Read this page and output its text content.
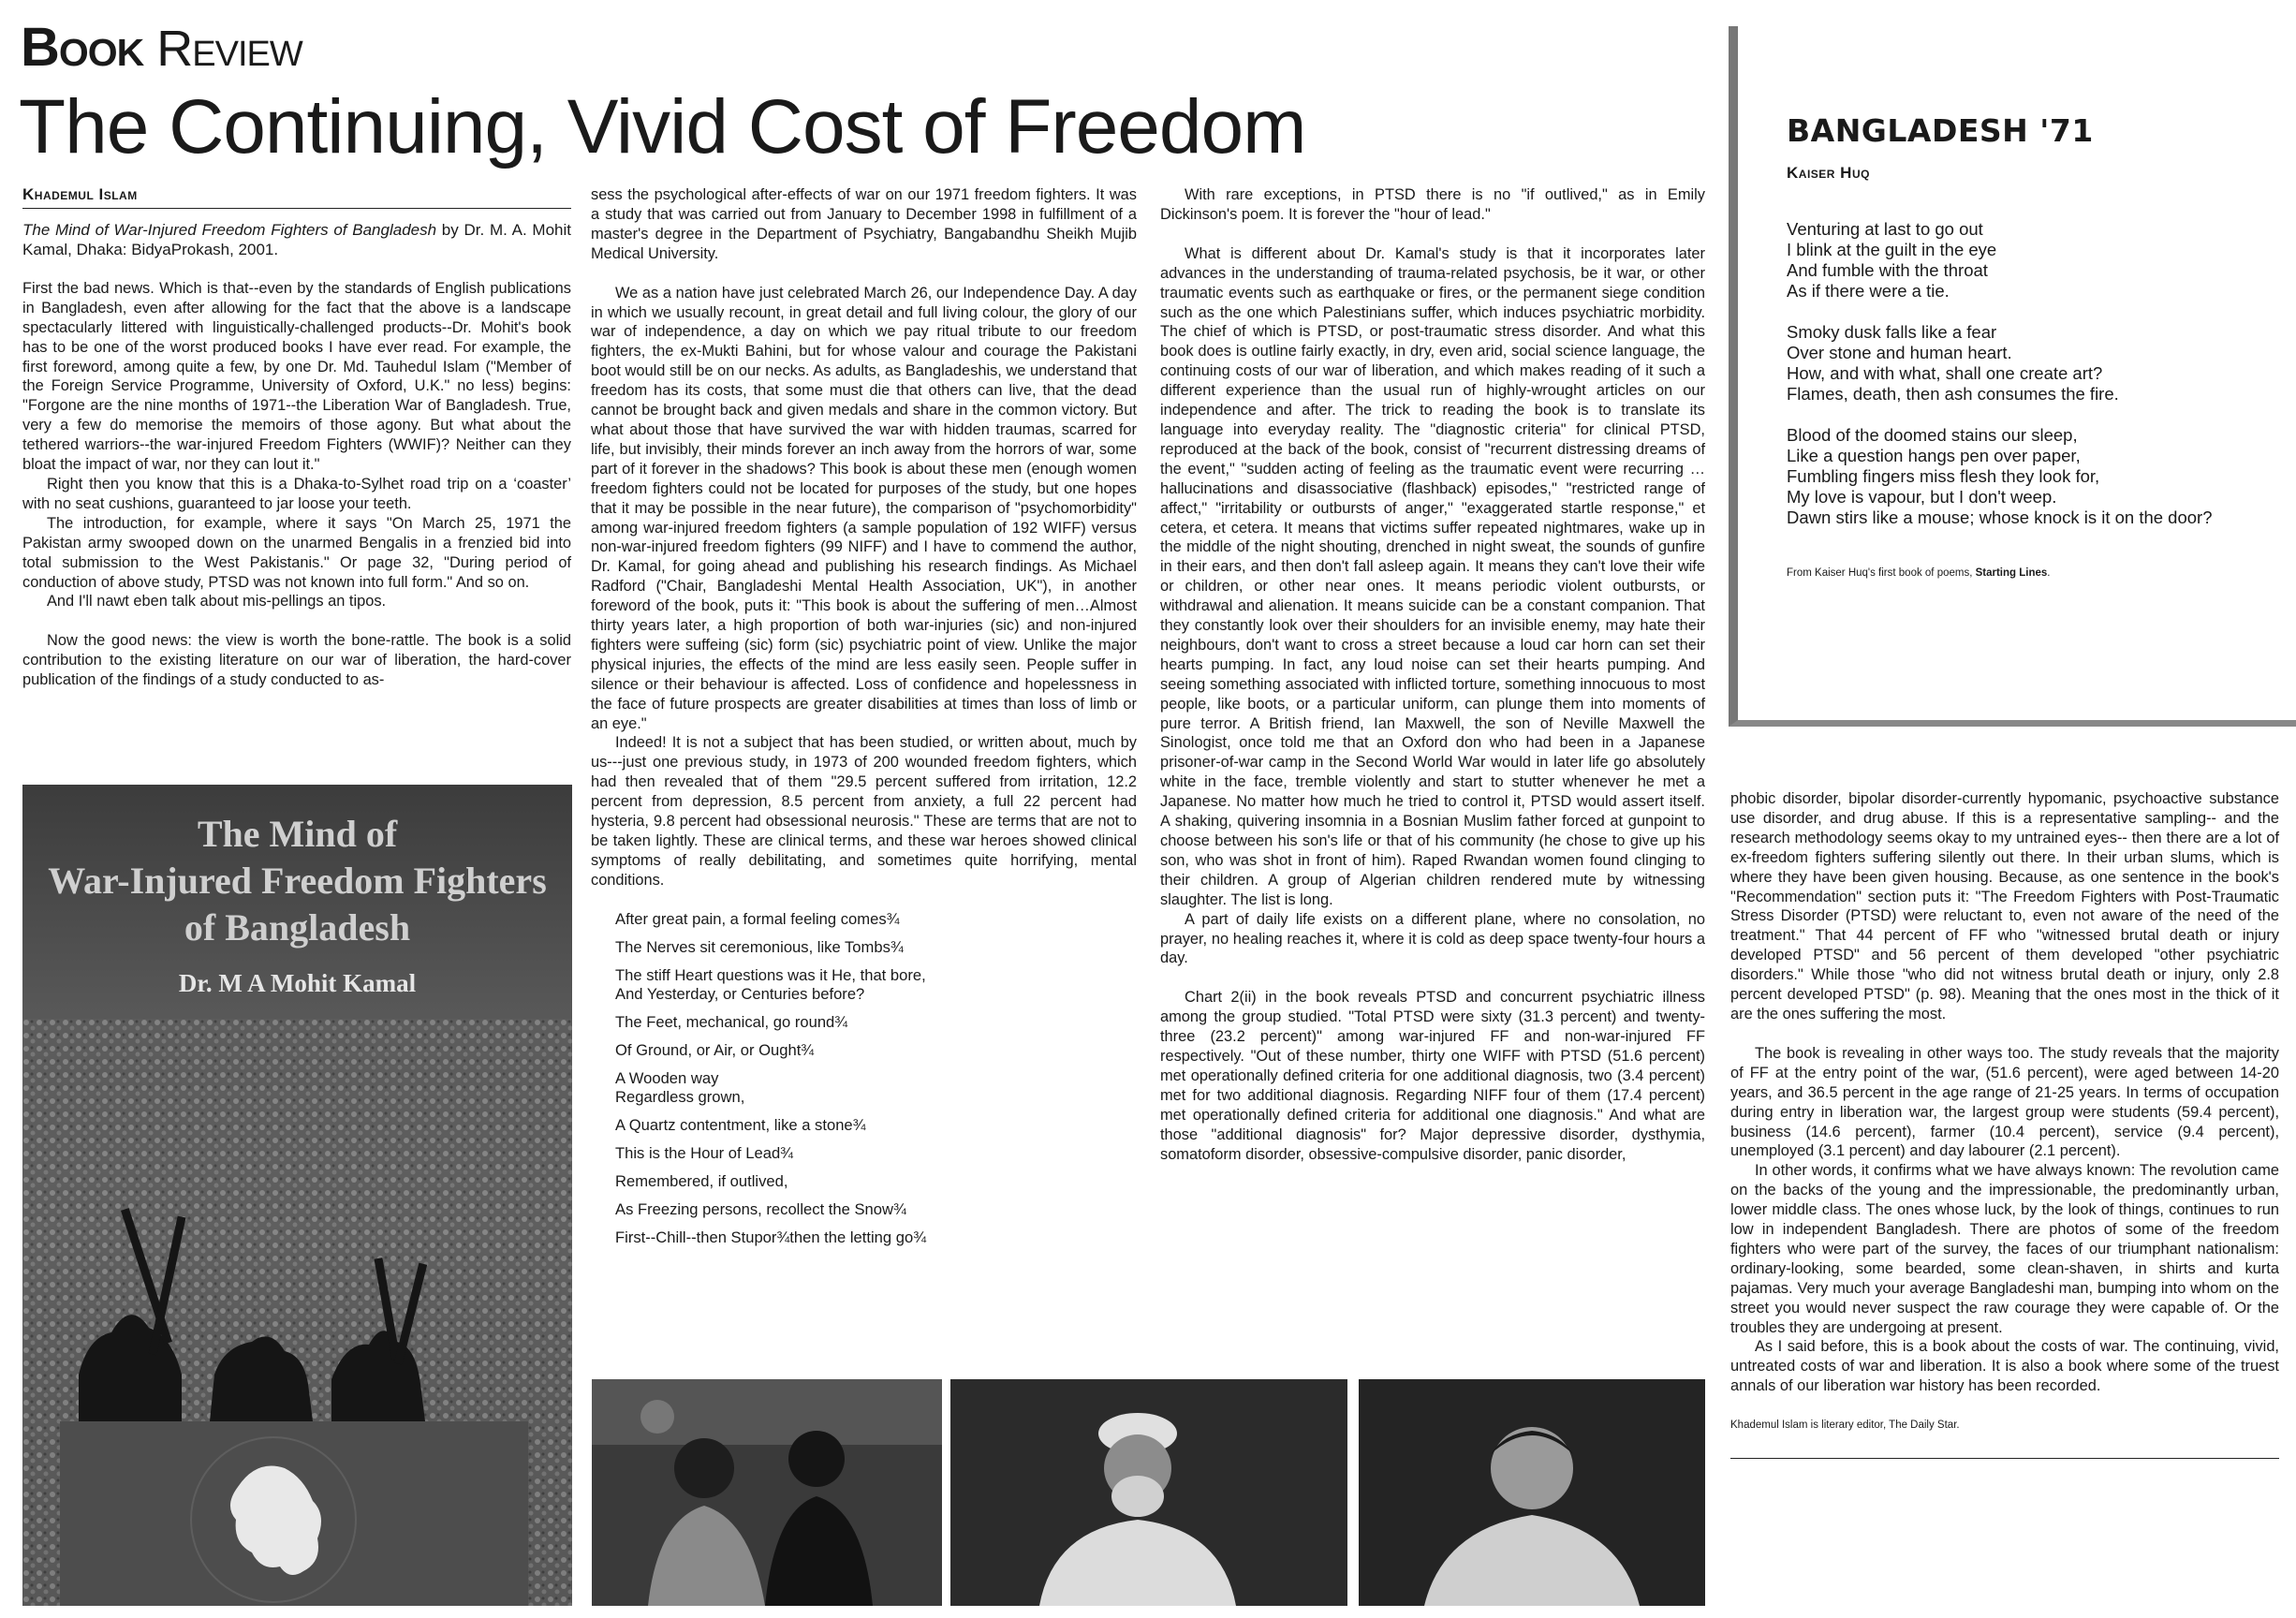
Book Review
The Continuing, Vivid Cost of Freedom
Khademul Islam

The Mind of War-Injured Freedom Fighters of Bangladesh by Dr. M. A. Mohit Kamal, Dhaka: BidyaProkash, 2001.

First the bad news. Which is that--even by the standards of English publications in Bangladesh, even after allowing for the fact that the above is a landscape spectacularly littered with linguistically-challenged products--Dr. Mohit's book has to be one of the worst produced books I have ever read. For example, the first foreword, among quite a few, by one Dr. Md. Tauhedul Islam ("Member of the Foreign Service Programme, University of Oxford, U.K." no less) begins: "Forgone are the nine months of 1971--the Liberation War of Bangladesh. True, very a few do memorise the memoirs of those agony. But what about the tethered warriors--the war-injured Freedom Fighters (WWIF)? Neither can they bloat the impact of war, nor they can lout it."

Right then you know that this is a Dhaka-to-Sylhet road trip on a ‘coaster’ with no seat cushions, guaranteed to jar loose your teeth.

The introduction, for example, where it says "On March 25, 1971 the Pakistan army swooped down on the unarmed Bengalis in a frenzied bid into total submission to the West Pakistanis." Or page 32, "During period of conduction of above study, PTSD was not known into full form." And so on.

And I'll nawt eben talk about mis-pellings an tipos.

Now the good news: the view is worth the bone-rattle. The book is a solid contribution to the existing literature on our war of liberation, the hard-cover publication of the findings of a study conducted to as-

The Mind of
War-Injured Freedom Fighters
of Bangladesh
Dr. M A Mohit Kamal

sess the psychological after-effects of war on our 1971 freedom fighters. It was a study that was carried out from January to December 1998 in fulfillment of a master's degree in the Department of Psychiatry, Bangabandhu Sheikh Mujib Medical University.

We as a nation have just celebrated March 26, our Independence Day. A day in which we usually recount, in great detail and full living colour, the glory of our war of independence, a day on which we pay ritual tribute to our freedom fighters, the ex-Mukti Bahini, but for whose valour and courage the Pakistani boot would still be on our necks. As adults, as Bangladeshis, we understand that freedom has its costs, that some must die that others can live, that the dead cannot be brought back and given medals and share in the common victory. But what about those that have survived the war with hidden traumas, scarred for life, but invisibly, their minds forever an inch away from the horrors of war, some part of it forever in the shadows? This book is about these men (enough women freedom fighters could not be located for purposes of the study, but one hopes that it may be possible in the near future), the comparison of "psychomorbidity" among war-injured freedom fighters (a sample population of 192 WIFF) versus non-war-injured freedom fighters (99 NIFF) and I have to commend the author, Dr. Kamal, for going ahead and publishing his research findings. As Michael Radford ("Chair, Bangladeshi Mental Health Association, UK"), in another foreword of the book, puts it: "This book is about the suffering of men…Almost thirty years later, a high proportion of both war-injuries (sic) and non-injured fighters were suffeing (sic) form (sic) psychiatric point of view. Unlike the major physical injuries, the effects of the mind are less easily seen. People suffer in silence or their behaviour is affected. Loss of confidence and hopelessness in the face of future prospects are greater disabilities at times than loss of limb or an eye."

Indeed! It is not a subject that has been studied, or written about, much by us---just one previous study, in 1973 of 200 wounded freedom fighters, which had then revealed that of them "29.5 percent suffered from irritation, 12.2 percent from depression, 8.5 percent from anxiety, a full 22 percent had hysteria, 9.8 percent had obsessional neurosis." These are terms that are not to be taken lightly. These are clinical terms, and these war heroes showed clinical symptoms of really debilitating, and sometimes quite horrifying, mental conditions.

After great pain, a formal feeling comes¾
The Nerves sit ceremonious, like Tombs¾
The stiff Heart questions was it He, that bore,
And Yesterday, or Centuries before?
The Feet, mechanical, go round¾
Of Ground, or Air, or Ought¾
A Wooden way
Regardless grown,
A Quartz contentment, like a stone¾
This is the Hour of Lead¾
Remembered, if outlived,
As Freezing persons, recollect the Snow¾
First--Chill--then Stupor¾then the letting go¾

With rare exceptions, in PTSD there is no "if outlived," as in Emily Dickinson's poem. It is forever the "hour of lead."

What is different about Dr. Kamal's study is that it incorporates later advances in the understanding of trauma-related psychosis, be it war, or other traumatic events such as earthquake or fires, or the permanent siege condition such as the one which Palestinians suffer, which induces psychiatric morbidity. The chief of which is PTSD, or post-traumatic stress disorder. And what this book does is outline fairly exactly, in dry, even arid, social science language, the continuing costs of our war of liberation, and which makes reading of it such a different experience than the usual run of highly-wrought articles on our independence and after. The trick to reading the book is to translate its language into everyday reality. The "diagnostic criteria" for clinical PTSD, reproduced at the back of the book, consist of "recurrent distressing dreams of the event," "sudden acting of feeling as the traumatic event were recurring … hallucinations and disassociative (flashback) episodes," "restricted range of affect," "irritability or outbursts of anger," "exaggerated startle response," et cetera, et cetera. It means that victims suffer repeated nightmares, wake up in the middle of the night shouting, drenched in night sweat, the sounds of gunfire in their ears, and then don't fall asleep again. It means they can't love their wife or children, or other near ones. It means periodic violent outbursts, or withdrawal and alienation. It means suicide can be a constant companion. That they constantly look over their shoulders for an invisible enemy, may hate their neighbours, don't want to cross a street because a loud car horn can set their hearts pumping. In fact, any loud noise can set their hearts pumping. And seeing something associated with inflicted torture, something innocuous to most people, like boots, or a particular uniform, can plunge them into moments of pure terror. A British friend, Ian Maxwell, the son of Neville Maxwell the Sinologist, once told me that an Oxford don who had been in a Japanese prisoner-of-war camp in the Second World War would in later life go absolutely white in the face, tremble violently and start to stutter whenever he met a Japanese. No matter how much he tried to control it, PTSD would assert itself. A shaking, quivering insomnia in a Bosnian Muslim father forced at gunpoint to choose between his son's life or that of his community (he chose to give up his son, who was shot in front of him). Raped Rwandan women found clinging to their children. A group of Algerian children rendered mute by witnessing slaughter. The list is long.

A part of daily life exists on a different plane, where no consolation, no prayer, no healing reaches it, where it is cold as deep space twenty-four hours a day.

Chart 2(ii) in the book reveals PTSD and concurrent psychiatric illness among the group studied. "Total PTSD were sixty (31.3 percent) and twenty-three (23.2 percent)" among war-injured FF and non-war-injured FF respectively. "Out of these number, thirty one WIFF with PTSD (51.6 percent) met operationally defined criteria for one additional diagnosis, two (3.4 percent) met for two additional diagnosis. Regarding NIFF four of them (17.4 percent) met operationally defined criteria for additional one diagnosis." And what are those "additional diagnosis" for? Major depressive disorder, dysthymia, somatoform disorder, obsessive-compulsive disorder, panic disorder,

BANGLADESH '71
Kaiser Huq
Venturing at last to go out
I blink at the guilt in the eye
And fumble with the throat
As if there were a tie.
Smoky dusk falls like a fear
Over stone and human heart.
How, and with what, shall one create art?
Flames, death, then ash consumes the fire.
Blood of the doomed stains our sleep,
Like a question hangs pen over paper,
Fumbling fingers miss flesh they look for,
My love is vapour, but I don't weep.
Dawn stirs like a mouse; whose knock is it on the door?
From Kaiser Huq's first book of poems, Starting Lines.

phobic disorder, bipolar disorder-currently hypomanic, psychoactive substance use disorder, and drug abuse. If this is a representative sampling-- and the research methodology seems okay to my untrained eyes-- then there are a lot of ex-freedom fighters suffering silently out there. In their urban slums, which is where they have been given housing. Because, as one sentence in the book's "Recommendation" section puts it: "The Freedom Fighters with Post-Traumatic Stress Disorder (PTSD) were reluctant to, even not aware of the need of the treatment." That 44 percent of FF who "witnessed brutal death or injury developed PTSD" and 56 percent of them developed "other psychiatric disorders." While those "who did not witness brutal death or injury, only 2.8 percent developed PTSD" (p. 98). Meaning that the ones most in the thick of it are the ones suffering the most.

The book is revealing in other ways too. The study reveals that the majority of FF at the entry point of the war, (51.6 percent), were aged between 14-20 years, and 36.5 percent in the age range of 21-25 years. In terms of occupation during entry in liberation war, the largest group were students (59.4 percent), business (14.6 percent), farmer (10.4 percent), service (9.4 percent), unemployed (3.1 percent) and day labourer (2.1 percent).

In other words, it confirms what we have always known: The revolution came on the backs of the young and the impressionable, the predominantly urban, lower middle class. The ones whose luck, by the look of things, continues to run low in independent Bangladesh. There are photos of some of the freedom fighters who were part of the survey, the faces of our triumphant nationalism: ordinary-looking, some bearded, some clean-shaven, in shirts and kurta pajamas. Very much your average Bangladeshi man, bumping into whom on the street you would never suspect the raw courage they were capable of. Or the troubles they are undergoing at present.

As I said before, this is a book about the costs of war. The continuing, vivid, untreated costs of war and liberation. It is also a book where some of the truest annals of our liberation war history has been recorded.

Khademul Islam is literary editor, The Daily Star.
